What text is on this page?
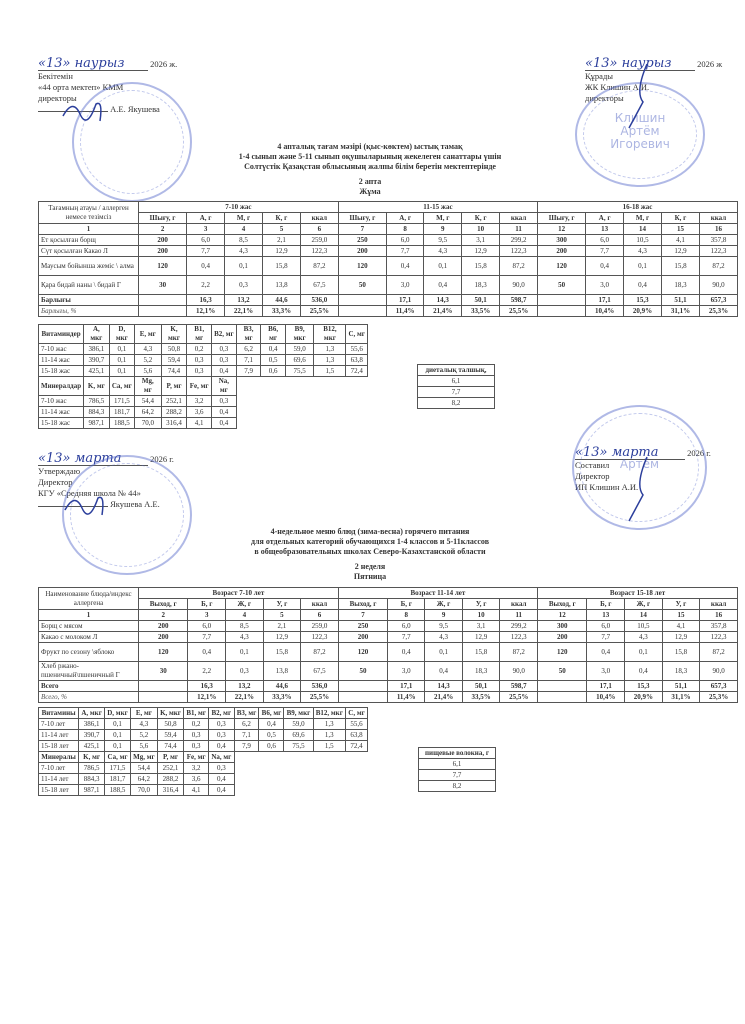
«13» наурыз	2026 ж.
Бекітемін
«44 орта мектеп» КММ
директоры
А.Е. Якушева
«13» наурыз	2026 ж
Құрады
ЖК Клишин А.И.
директоры
Клишин
Артём
Игоревич
4 апталық тағам мәзірі (қыс-көктем) ыстық тамақ
1-4 сынып және 5-11 сынып оқушыларының жекелеген санаттары үшін
Солтүстік Қазақстан облысының жалпы білім беретін мектептерінде
2 апта
Жұма
Тағамның атауы / аллерген немесе тезімсіз	7-10 жас					11-15 жас					16-18 жас				
	Шығу, г	А, г	М, г	К, г	ккал	Шығу, г	А, г	М, г	К, г	ккал	Шығу, г	А, г	М, г	К, г	ккал
1	2	3	4	5	6	7	8	9	10	11	12	13	14	15	16
Ет қосылған борщ	200	6,0	8,5	2,1	259,0	250	6,0	9,5	3,1	299,2	300	6,0	10,5	4,1	357,8
Сүт қосылған Какао Л	200	7,7	4,3	12,9	122,3	200	7,7	4,3	12,9	122,3	200	7,7	4,3	12,9	122,3
Маусым бойынша жеміс \ алма	120	0,4	0,1	15,8	87,2	120	0,4	0,1	15,8	87,2	120	0,4	0,1	15,8	87,2
Қара бидай наны \ бидай Г	30	2,2	0,3	13,8	67,5	50	3,0	0,4	18,3	90,0	50	3,0	0,4	18,3	90,0
Барлығы		16,3	13,2	44,6	536,0		17,1	14,3	50,1	598,7		17,1	15,3	51,1	657,3
Барлығы, %		12,1%	22,1%	33,3%	25,5%		11,4%	21,4%	33,5%	25,5%		10,4%	20,9%	31,1%	25,3%
Витаминдер	A, мкг	D, мкг	E, мг	K, мкг	B1, мг	B2, мг	B3, мг	B6, мг	B9, мкг	B12, мкг	C, мг
7-10 жас	386,1	0,1	4,3	50,8	0,2	0,3	6,2	0,4	59,0	1,3	55,6
11-14 жас	390,7	0,1	5,2	59,4	0,3	0,3	7,1	0,5	69,6	1,3	63,8
15-18 жас	425,1	0,1	5,6	74,4	0,3	0,4	7,9	0,6	75,5	1,5	72,4
Минералдар	K, мг	Ca, мг	Mg, мг	P, мг	Fe, мг	Na, мг					
7-10 жас	786,5	171,5	54,4	252,1	3,2	0,3					
11-14 жас	884,3	181,7	64,2	288,2	3,6	0,4					
15-18 жас	987,1	188,5	70,0	316,4	4,1	0,4					
диеталық талшық,
6,1
7,7
8,2
«13» марта	2026 г.
Утверждаю
Директор
КГУ «Средняя школа № 44»
Якушева А.Е.
«13» марта	2026 г.
Составил
Директор
ИП Клишин А.И.
Артём
4-недельное меню блюд (зима-весна) горячего питания
для отдельных категорий обучающихся 1-4 классов и 5-11классов
в общеобразовательных школах Северо-Казахстанской области
2 неделя
Пятница
Наименование блюда/индекс аллергена	Возраст 7-10 лет					Возраст 11-14 лет					Возраст 15-18 лет				
	Выход, г	Б, г	Ж, г	У, г	ккал	Выход, г	Б, г	Ж, г	У, г	ккал	Выход, г	Б, г	Ж, г	У, г	ккал
1	2	3	4	5	6	7	8	9	10	11	12	13	14	15	16
Борщ с мясом	200	6,0	8,5	2,1	259,0	250	6,0	9,5	3,1	299,2	300	6,0	10,5	4,1	357,8
Какао с молоком Л	200	7,7	4,3	12,9	122,3	200	7,7	4,3	12,9	122,3	200	7,7	4,3	12,9	122,3
Фрукт по сезону \яблоко	120	0,4	0,1	15,8	87,2	120	0,4	0,1	15,8	87,2	120	0,4	0,1	15,8	87,2
Хлеб ржано-пшеничный\пшеничный Г	30	2,2	0,3	13,8	67,5	50	3,0	0,4	18,3	90,0	50	3,0	0,4	18,3	90,0
Всего		16,3	13,2	44,6	536,0		17,1	14,3	50,1	598,7		17,1	15,3	51,1	657,3
Всего, %		12,1%	22,1%	33,3%	25,5%		11,4%	21,4%	33,5%	25,5%		10,4%	20,9%	31,1%	25,3%
Витамины	A, мкг	D, мкг	E, мг	K, мкг	B1, мг	B2, мг	B3, мг	B6, мг	B9, мкг	B12, мкг	C, мг
7-10 лет	386,1	0,1	4,3	50,8	0,2	0,3	6,2	0,4	59,0	1,3	55,6
11-14 лет	390,7	0,1	5,2	59,4	0,3	0,3	7,1	0,5	69,6	1,3	63,8
15-18 лет	425,1	0,1	5,6	74,4	0,3	0,4	7,9	0,6	75,5	1,5	72,4
Минералы	K, мг	Ca, мг	Mg, мг	P, мг	Fe, мг	Na, мг					
7-10 лет	786,5	171,5	54,4	252,1	3,2	0,3					
11-14 лет	884,3	181,7	64,2	288,2	3,6	0,4					
15-18 лет	987,1	188,5	70,0	316,4	4,1	0,4					
пищевые волокна, г
6,1
7,7
8,2
